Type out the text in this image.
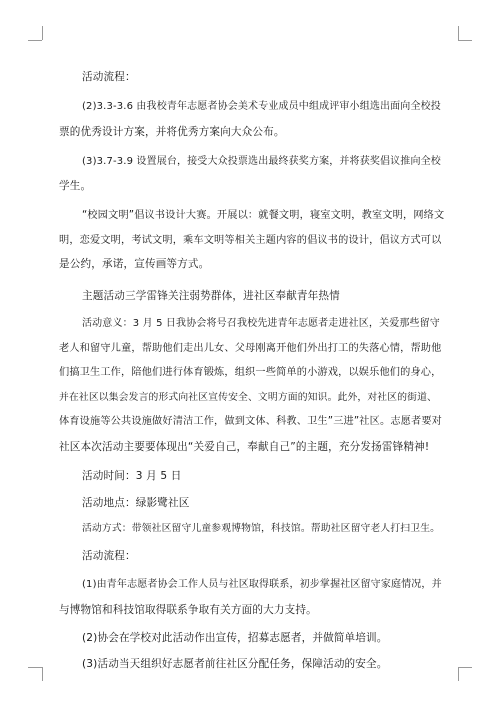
活动流程：
(2)3.3-3.6 由我校青年志愿者协会美术专业成员中组成评审小组选出面向全校投
票的优秀设计方案，并将优秀方案向大众公布。
(3)3.7-3.9 设置展台，接受大众投票选出最终获奖方案，并将获奖倡议推向全校
学生。
“校园文明”倡议书设计大赛。开展以：就餐文明，寝室文明，教室文明，网络文
明，恋爱文明，考试文明，乘车文明等相关主题内容的倡议书的设计，倡议方式可以
是公约，承诺，宣传画等方式。
主题活动三学雷锋关注弱势群体，进社区奉献青年热情
活动意义：3 月 5 日我协会将号召我校先进青年志愿者走进社区，关爱那些留守
老人和留守儿童，帮助他们走出儿女、父母刚离开他们外出打工的失落心情，帮助他
们搞卫生工作，陪他们进行体育锻炼，组织一些简单的小游戏，以娱乐他们的身心，
并在社区以集会发言的形式向社区宣传安全、文明方面的知识。此外，对社区的街道、
体育设施等公共设施做好清洁工作，做到文体、科教、卫生”三进”社区。志愿者要对
社区本次活动主要要体现出“关爱自己，奉献自己”的主题，充分发扬雷锋精神!
活动时间：3 月 5 日
活动地点：绿影鹭社区
活动方式：带领社区留守儿童参观博物馆，科技馆。帮助社区留守老人打扫卫生。
活动流程：
(1)由青年志愿者协会工作人员与社区取得联系，初步掌握社区留守家庭情况，并
与博物馆和科技馆取得联系争取有关方面的大力支持。
(2)协会在学校对此活动作出宣传，招募志愿者，并做简单培训。
(3)活动当天组织好志愿者前往社区分配任务，保障活动的安全。
